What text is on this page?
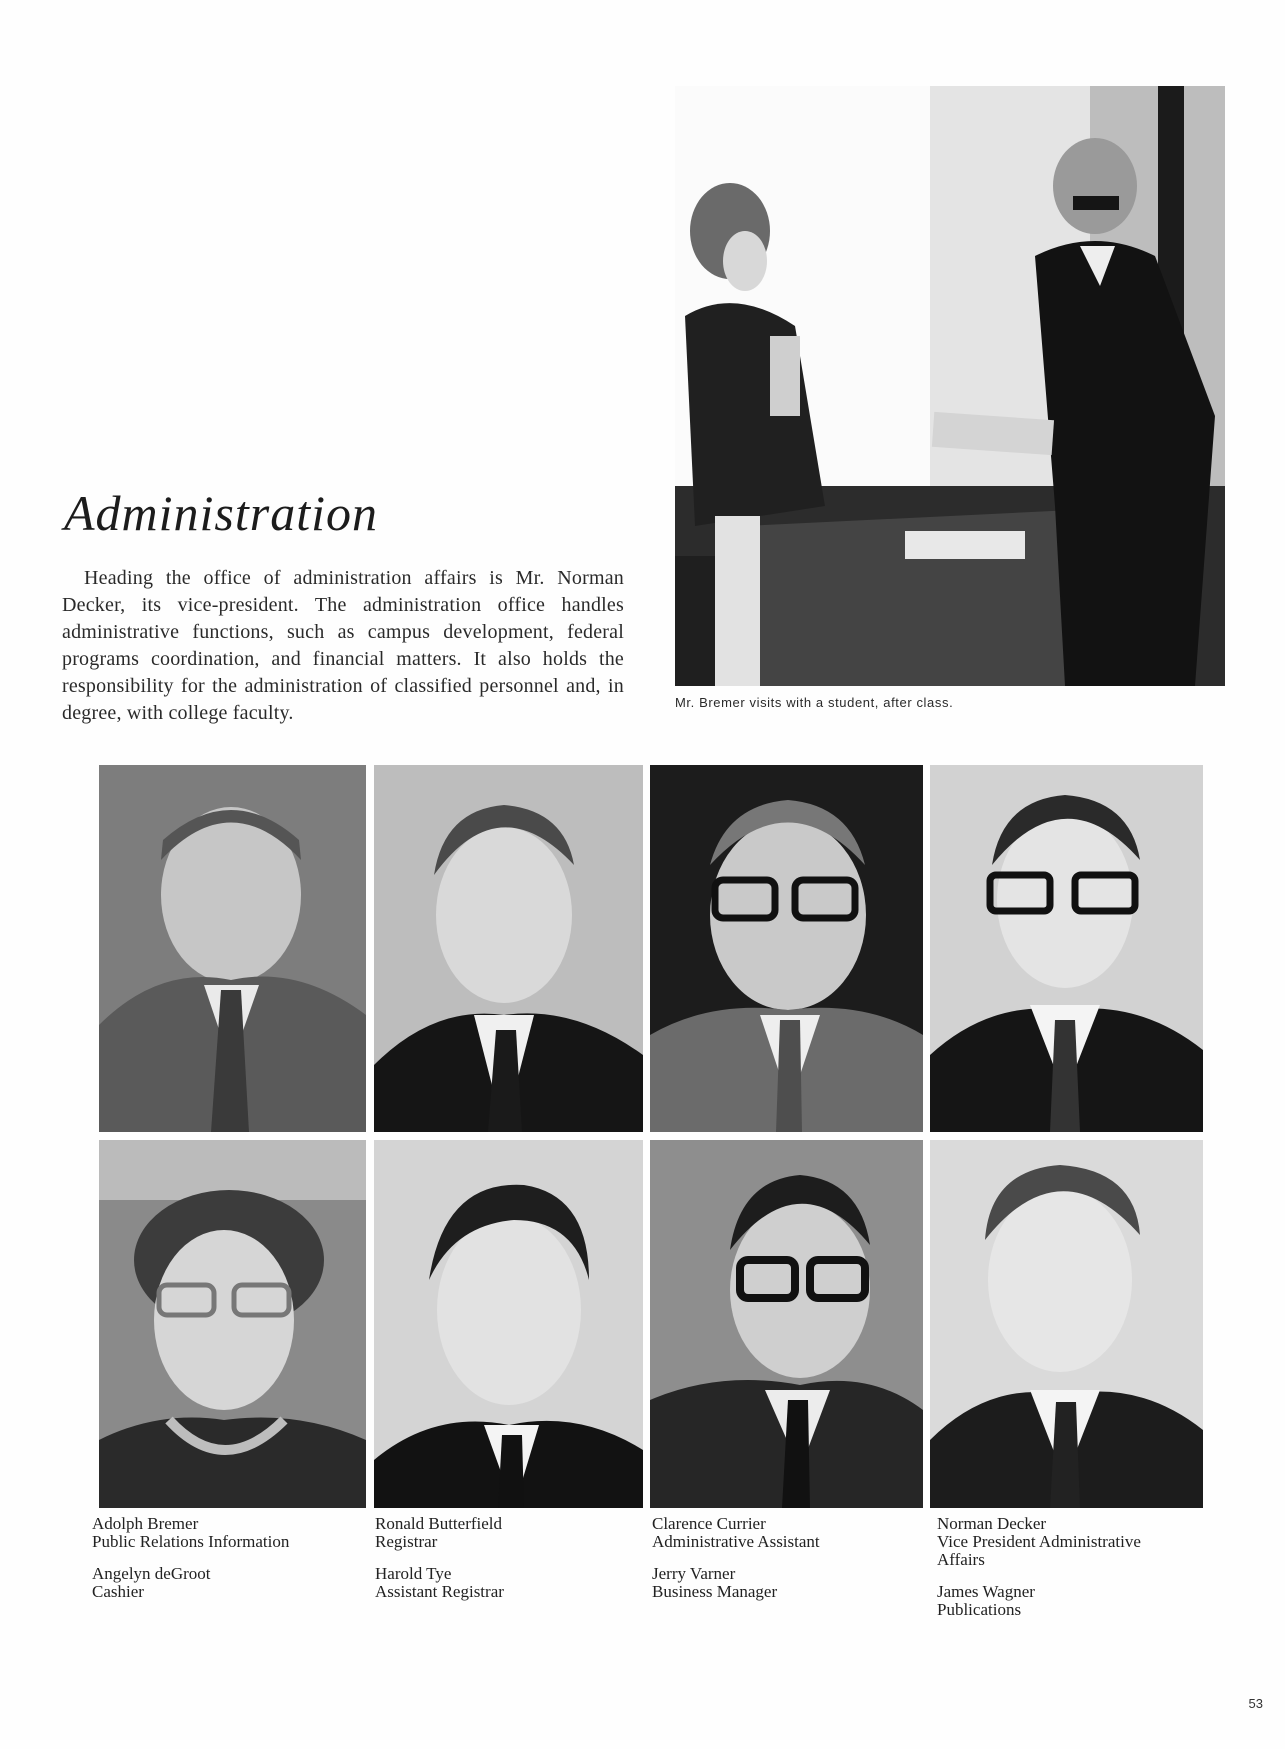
Administration

Heading the office of administration affairs is Mr. Norman Decker, its vice-president. The administration office handles administrative functions, such as campus development, federal programs coordination, and financial matters. It also holds the responsibility for the administration of classified personnel and, in degree, with college faculty.	Mr. Bremer visits with a student, after class.

Adolph Bremer
Public Relations Information
Angelyn deGroot
Cashier
Ronald Butterfield
Registrar
Harold Tye
Assistant Registrar
Clarence Currier
Administrative Assistant
Jerry Varner
Business Manager
Norman Decker
Vice President Administrative Affairs
James Wagner
Publications
53
